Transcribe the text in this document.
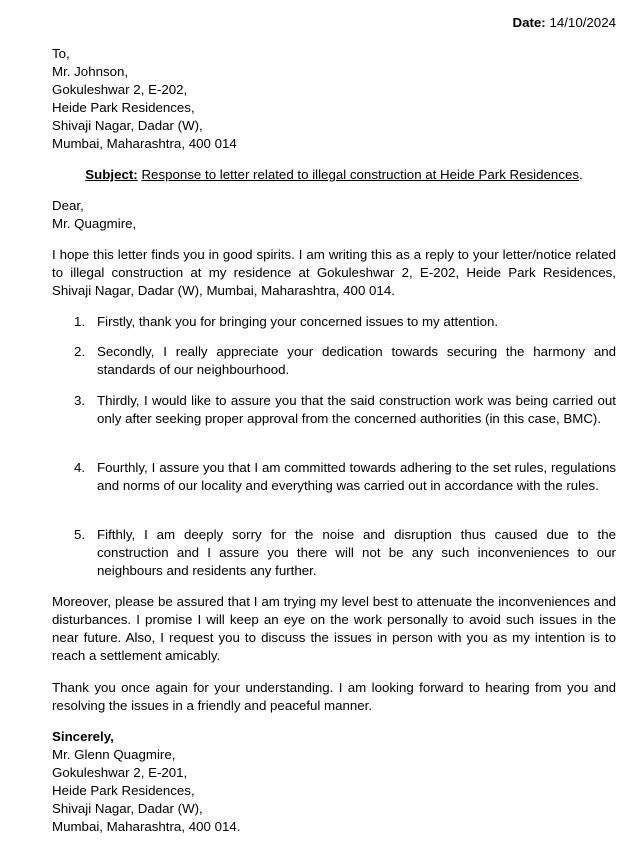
Date: 14/10/2024
To,
Mr. Johnson,
Gokuleshwar 2, E-202,
Heide Park Residences,
Shivaji Nagar, Dadar (W),
Mumbai, Maharashtra, 400 014
Subject: Response to letter related to illegal construction at Heide Park Residences.
Dear,
Mr. Quagmire,

I hope this letter finds you in good spirits. I am writing this as a reply to your letter/notice related to illegal construction at my residence at Gokuleshwar 2, E-202, Heide Park Residences, Shivaji Nagar, Dadar (W), Mumbai, Maharashtra, 400 014.

1. Firstly, thank you for bringing your concerned issues to my attention.
2. Secondly, I really appreciate your dedication towards securing the harmony and standards of our neighbourhood.
3. Thirdly, I would like to assure you that the said construction work was being carried out only after seeking proper approval from the concerned authorities (in this case, BMC).
4. Fourthly, I assure you that I am committed towards adhering to the set rules, regulations and norms of our locality and everything was carried out in accordance with the rules.
5. Fifthly, I am deeply sorry for the noise and disruption thus caused due to the construction and I assure you there will not be any such inconveniences to our neighbours and residents any further.

Moreover, please be assured that I am trying my level best to attenuate the inconveniences and disturbances. I promise I will keep an eye on the work personally to avoid such issues in the near future. Also, I request you to discuss the issues in person with you as my intention is to reach a settlement amicably.

Thank you once again for your understanding. I am looking forward to hearing from you and resolving the issues in a friendly and peaceful manner.

Sincerely,
Mr. Glenn Quagmire,
Gokuleshwar 2, E-201,
Heide Park Residences,
Shivaji Nagar, Dadar (W),
Mumbai, Maharashtra, 400 014.
